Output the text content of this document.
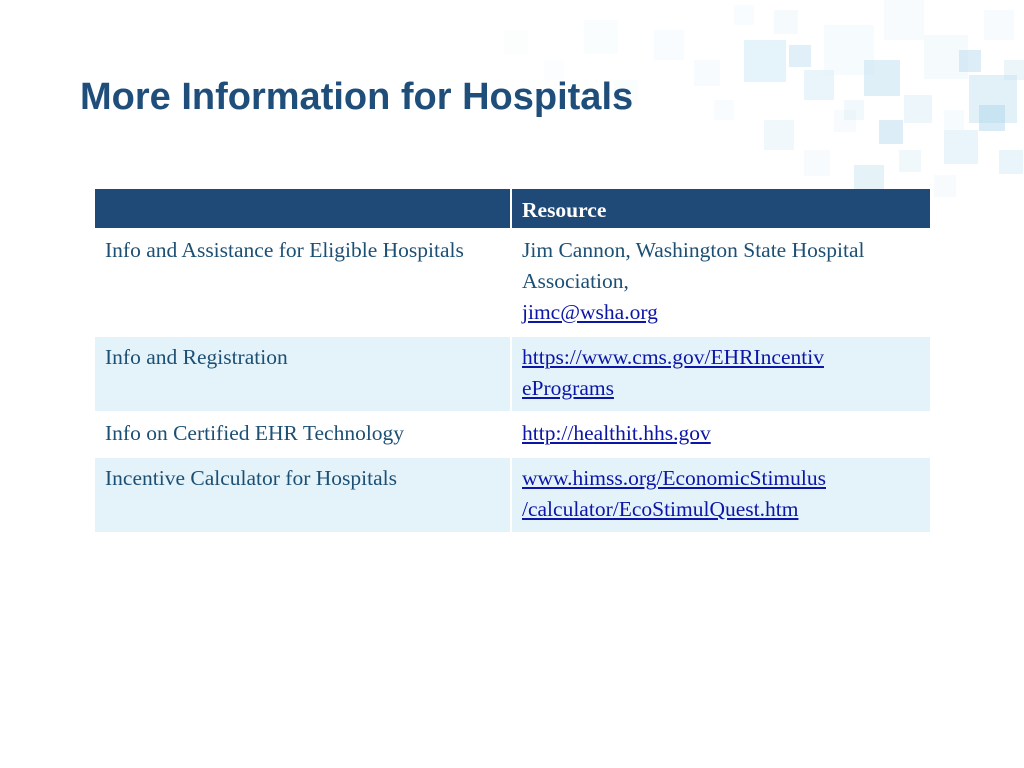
More Information for Hospitals
	Resource
Info and Assistance for Eligible Hospitals	Jim Cannon, Washington State Hospital Association,
jimc@wsha.org
Info and Registration	https://www.cms.gov/EHRIncentiv
ePrograms
Info on Certified EHR Technology	http://healthit.hhs.gov
Incentive Calculator for Hospitals	www.himss.org/EconomicStimulus
/calculator/EcoStimulQuest.htm
